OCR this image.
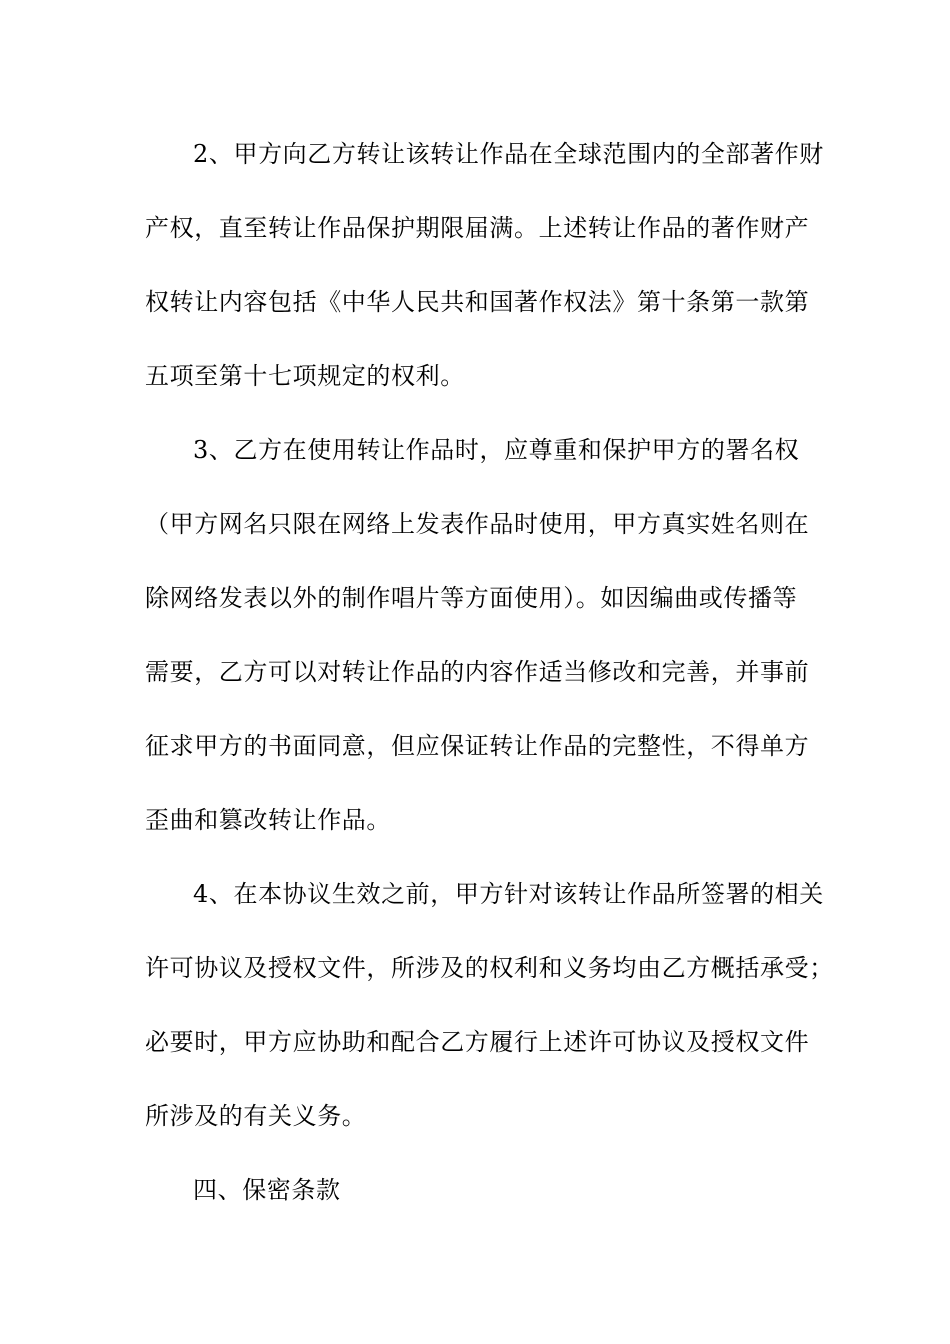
2、甲方向乙方转让该转让作品在全球范围内的全部著作财
产权，直至转让作品保护期限届满。上述转让作品的著作财产
权转让内容包括《中华人民共和国著作权法》第十条第一款第
五项至第十七项规定的权利。
3、乙方在使用转让作品时，应尊重和保护甲方的署名权
（甲方网名只限在网络上发表作品时使用，甲方真实姓名则在
除网络发表以外的制作唱片等方面使用）。如因编曲或传播等
需要，乙方可以对转让作品的内容作适当修改和完善，并事前
征求甲方的书面同意，但应保证转让作品的完整性，不得单方
歪曲和篡改转让作品。
4、在本协议生效之前，甲方针对该转让作品所签署的相关
许可协议及授权文件，所涉及的权利和义务均由乙方概括承受；
必要时，甲方应协助和配合乙方履行上述许可协议及授权文件
所涉及的有关义务。
四、保密条款
